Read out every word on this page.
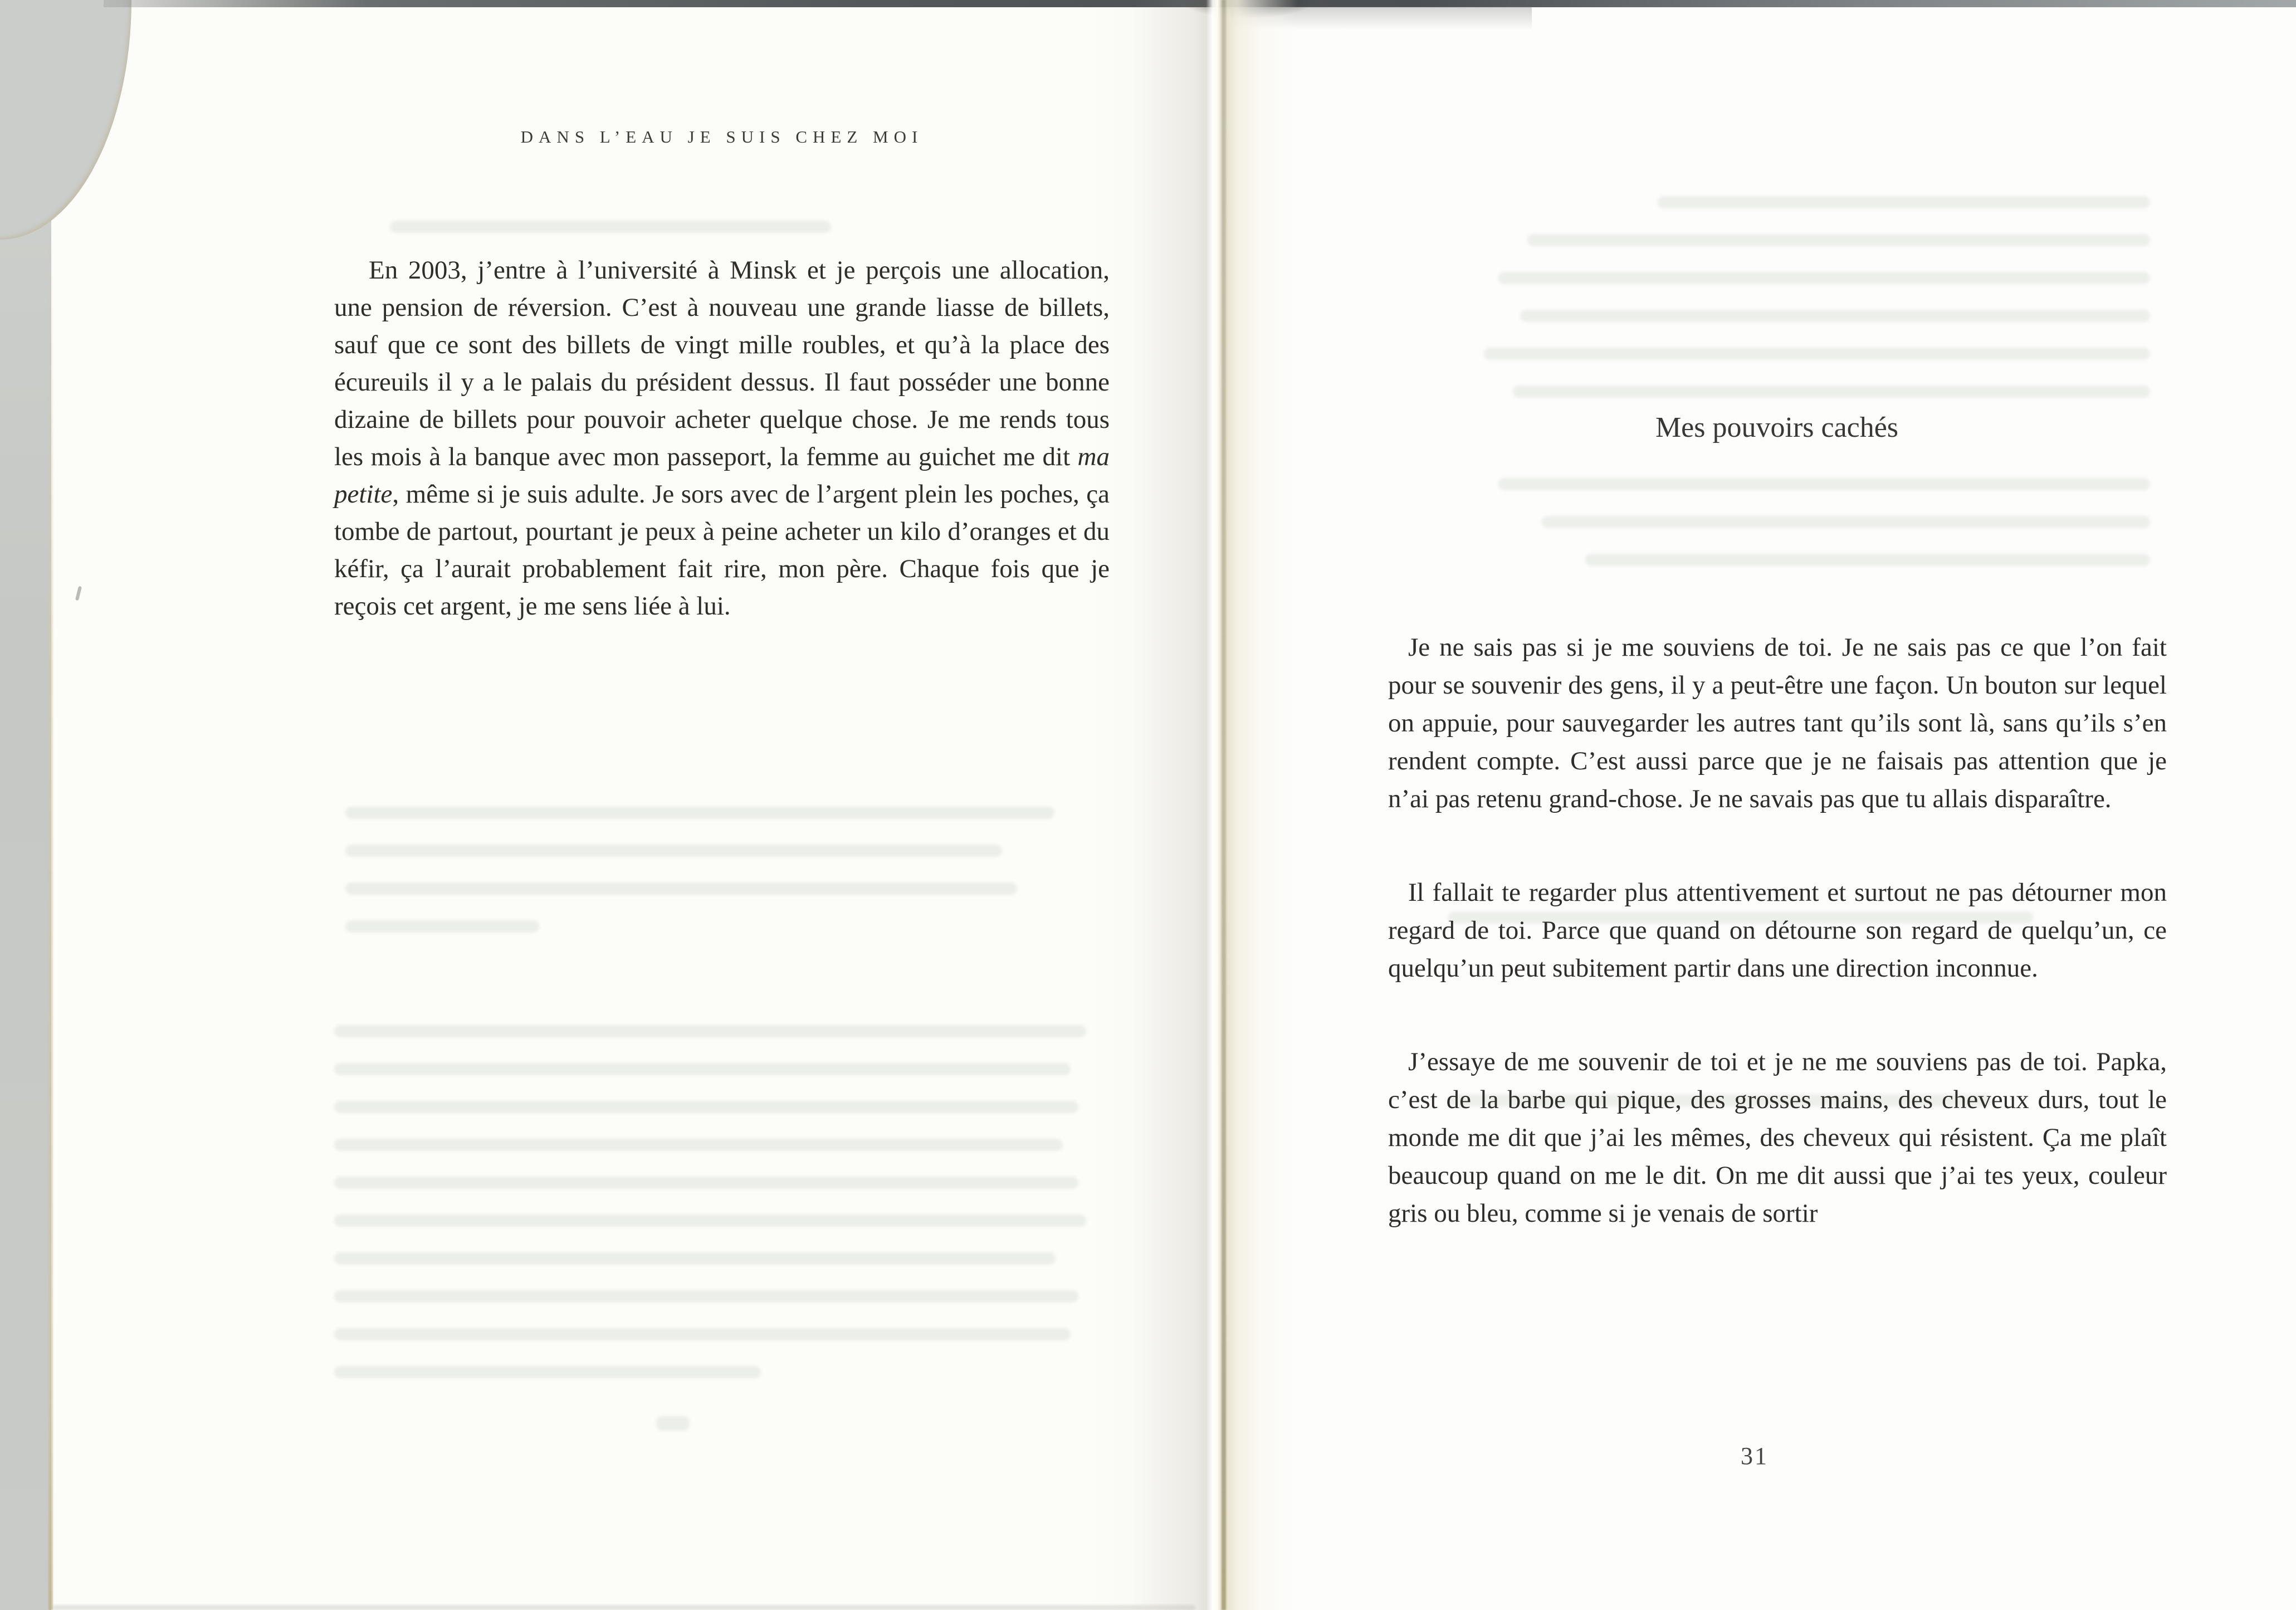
DANS L’EAU JE SUIS CHEZ MOI

En 2003, j’entre à l’université à Minsk et je perçois une allocation, une pension de réversion. C’est à nouveau une grande liasse de billets, sauf que ce sont des billets de vingt mille roubles, et qu’à la place des écureuils il y a le palais du président dessus. Il faut posséder une bonne dizaine de billets pour pouvoir acheter quelque chose. Je me rends tous les mois à la banque avec mon passeport, la femme au guichet me dit ma petite, même si je suis adulte. Je sors avec de l’argent plein les poches, ça tombe de partout, pourtant je peux à peine acheter un kilo d’oranges et du kéfir, ça l’aurait probablement fait rire, mon père. Chaque fois que je reçois cet argent, je me sens liée à lui.

Mes pouvoirs cachés

Je ne sais pas si je me souviens de toi. Je ne sais pas ce que l’on fait pour se souvenir des gens, il y a peut-être une façon. Un bouton sur lequel on appuie, pour sauvegarder les autres tant qu’ils sont là, sans qu’ils s’en rendent compte. C’est aussi parce que je ne faisais pas attention que je n’ai pas retenu grand-chose. Je ne savais pas que tu allais disparaître.

Il fallait te regarder plus attentivement et surtout ne pas détourner mon regard de toi. Parce que quand on détourne son regard de quelqu’un, ce quelqu’un peut subitement partir dans une direction inconnue.

J’essaye de me souvenir de toi et je ne me souviens pas de toi. Papka, c’est de la barbe qui pique, des grosses mains, des cheveux durs, tout le monde me dit que j’ai les mêmes, des cheveux qui résistent. Ça me plaît beaucoup quand on me le dit. On me dit aussi que j’ai tes yeux, couleur gris ou bleu, comme si je venais de sortir

31
